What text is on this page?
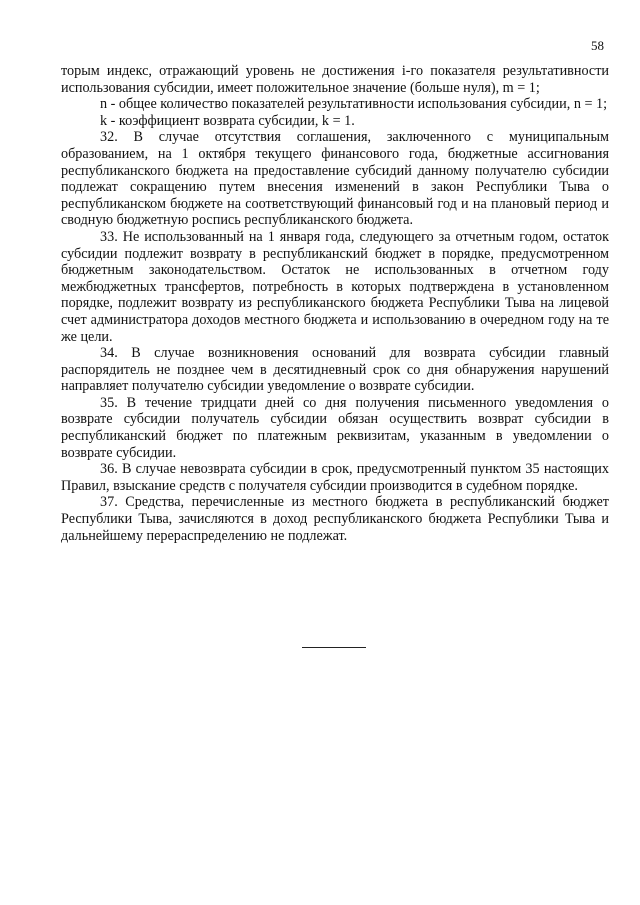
58

торым индекс, отражающий уровень не достижения i-го показателя результативности использования субсидии, имеет положительное значение (больше нуля), m = 1;

n - общее количество показателей результативности использования субсидии, n = 1;

k - коэффициент возврата субсидии, k = 1.

32. В случае отсутствия соглашения, заключенного с муниципальным образованием, на 1 октября текущего финансового года, бюджетные ассигнования республиканского бюджета на предоставление субсидий данному получателю субсидии подлежат сокращению путем внесения изменений в закон Республики Тыва о республиканском бюджете на соответствующий финансовый год и на плановый период и сводную бюджетную роспись республиканского бюджета.

33. Не использованный на 1 января года, следующего за отчетным годом, остаток субсидии подлежит возврату в республиканский бюджет в порядке, предусмотренном бюджетным законодательством. Остаток не использованных в отчетном году межбюджетных трансфертов, потребность в которых подтверждена в установленном порядке, подлежит возврату из республиканского бюджета Республики Тыва на лицевой счет администратора доходов местного бюджета и использованию в очередном году на те же цели.

34. В случае возникновения оснований для возврата субсидии главный распорядитель не позднее чем в десятидневный срок со дня обнаружения нарушений направляет получателю субсидии уведомление о возврате субсидии.

35. В течение тридцати дней со дня получения письменного уведомления о возврате субсидии получатель субсидии обязан осуществить возврат субсидии в республиканский бюджет по платежным реквизитам, указанным в уведомлении о возврате субсидии.

36. В случае невозврата субсидии в срок, предусмотренный пунктом 35 настоящих Правил, взыскание средств с получателя субсидии производится в судебном порядке.

37. Средства, перечисленные из местного бюджета в республиканский бюджет Республики Тыва, зачисляются в доход республиканского бюджета Республики Тыва и дальнейшему перераспределению не подлежат.
